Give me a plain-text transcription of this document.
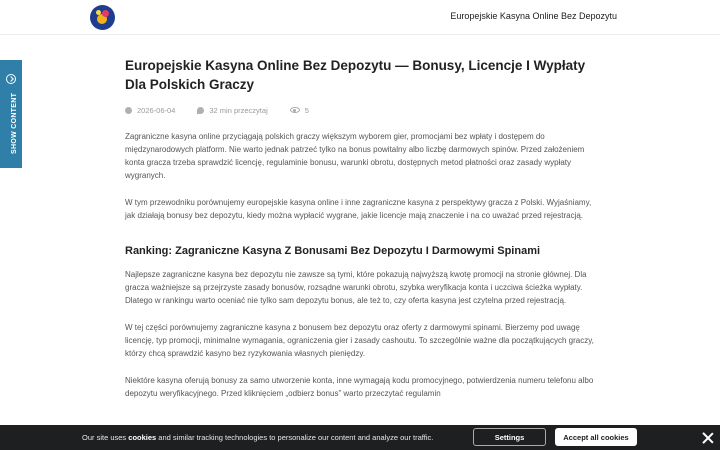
Europejskie Kasyna Online Bez Depozytu
SHOW CONTENT
Europejskie Kasyna Online Bez Depozytu — Bonusy, Licencje I Wypłaty Dla Polskich Graczy
2026-06-04	32 min przeczytaj	5

Zagraniczne kasyna online przyciągają polskich graczy większym wyborem gier, promocjami bez wpłaty i dostępem do międzynarodowych platform. Nie warto jednak patrzeć tylko na bonus powitalny albo liczbę darmowych spinów. Przed założeniem konta gracza trzeba sprawdzić licencję, regulaminie bonusu, warunki obrotu, dostępnych metod płatności oraz zasady wypłaty wygranych.

W tym przewodniku porównujemy europejskie kasyna online i inne zagraniczne kasyna z perspektywy gracza z Polski. Wyjaśniamy, jak działają bonusy bez depozytu, kiedy można wypłacić wygrane, jakie licencje mają znaczenie i na co uważać przed rejestracją.

Ranking: Zagraniczne Kasyna Z Bonusami Bez Depozytu I Darmowymi Spinami

Najlepsze zagraniczne kasyna bez depozytu nie zawsze są tymi, które pokazują najwyższą kwotę promocji na stronie głównej. Dla gracza ważniejsze są przejrzyste zasady bonusów, rozsądne warunki obrotu, szybka weryfikacja konta i uczciwa ścieżka wypłaty. Dlatego w rankingu warto oceniać nie tylko sam depozytu bonus, ale też to, czy oferta kasyna jest czytelna przed rejestracją.

W tej części porównujemy zagraniczne kasyna z bonusem bez depozytu oraz oferty z darmowymi spinami. Bierzemy pod uwagę licencję, typ promocji, minimalne wymagania, ograniczenia gier i zasady cashoutu. To szczególnie ważne dla początkujących graczy, którzy chcą sprawdzić kasyno bez ryzykowania własnych pieniędzy.

Niektóre kasyna oferują bonusy za samo utworzenie konta, inne wymagają kodu promocyjnego, potwierdzenia numeru telefonu albo depozytu weryfikacyjnego. Przed kliknięciem „odbierz bonus” warto przeczytać regulamin

Our site uses cookies and similar tracking technologies to personalize our content and analyze our traffic.	Settings	Accept all cookies
